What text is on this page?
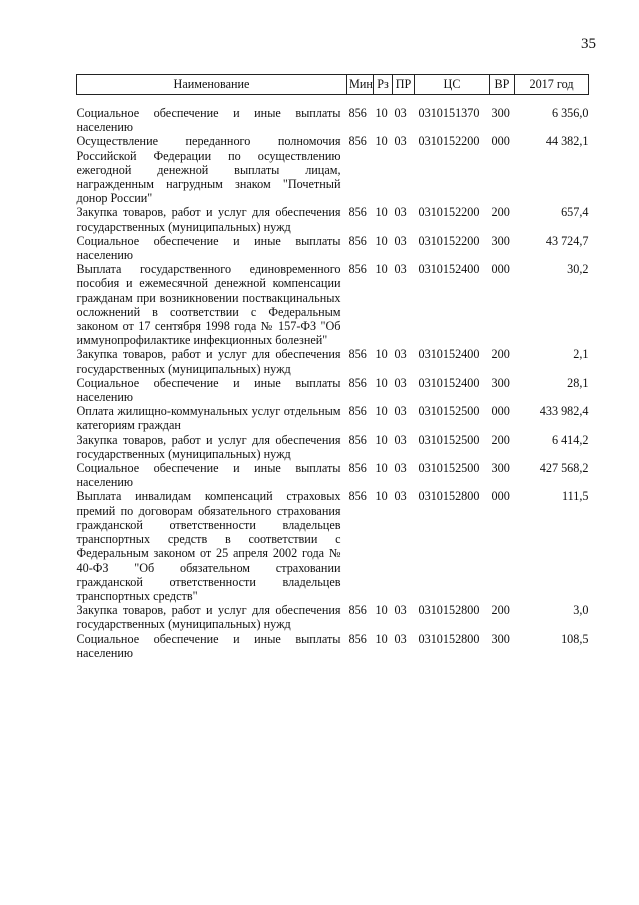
35
Наименование	Мин	Рз	ПР	ЦС	ВР	2017 год
Социальное обеспечение и иные выплаты населению	856	10	03	0310151370	300	6 356,0
Осуществление переданного полномочия Российской Федерации по осуществлению ежегодной денежной выплаты лицам, награжденным нагрудным знаком "Почетный донор России"	856	10	03	0310152200	000	44 382,1
Закупка товаров, работ и услуг для обеспечения государственных (муниципальных) нужд	856	10	03	0310152200	200	657,4
Социальное обеспечение и иные выплаты населению	856	10	03	0310152200	300	43 724,7
Выплата государственного единовременного пособия и ежемесячной денежной компенсации гражданам при возникновении поствакцинальных осложнений в соответствии с Федеральным законом от 17 сентября 1998 года № 157-ФЗ "Об иммунопрофилактике инфекционных болезней"	856	10	03	0310152400	000	30,2
Закупка товаров, работ и услуг для обеспечения государственных (муниципальных) нужд	856	10	03	0310152400	200	2,1
Социальное обеспечение и иные выплаты населению	856	10	03	0310152400	300	28,1
Оплата жилищно-коммунальных услуг отдельным категориям граждан	856	10	03	0310152500	000	433 982,4
Закупка товаров, работ и услуг для обеспечения государственных (муниципальных) нужд	856	10	03	0310152500	200	6 414,2
Социальное обеспечение и иные выплаты населению	856	10	03	0310152500	300	427 568,2
Выплата инвалидам компенсаций страховых премий по договорам обязательного страхования гражданской ответственности владельцев транспортных средств в соответствии с Федеральным законом от 25 апреля 2002 года № 40-ФЗ "Об обязательном страховании гражданской ответственности владельцев транспортных средств"	856	10	03	0310152800	000	111,5
Закупка товаров, работ и услуг для обеспечения государственных (муниципальных) нужд	856	10	03	0310152800	200	3,0
Социальное обеспечение и иные выплаты населению	856	10	03	0310152800	300	108,5
